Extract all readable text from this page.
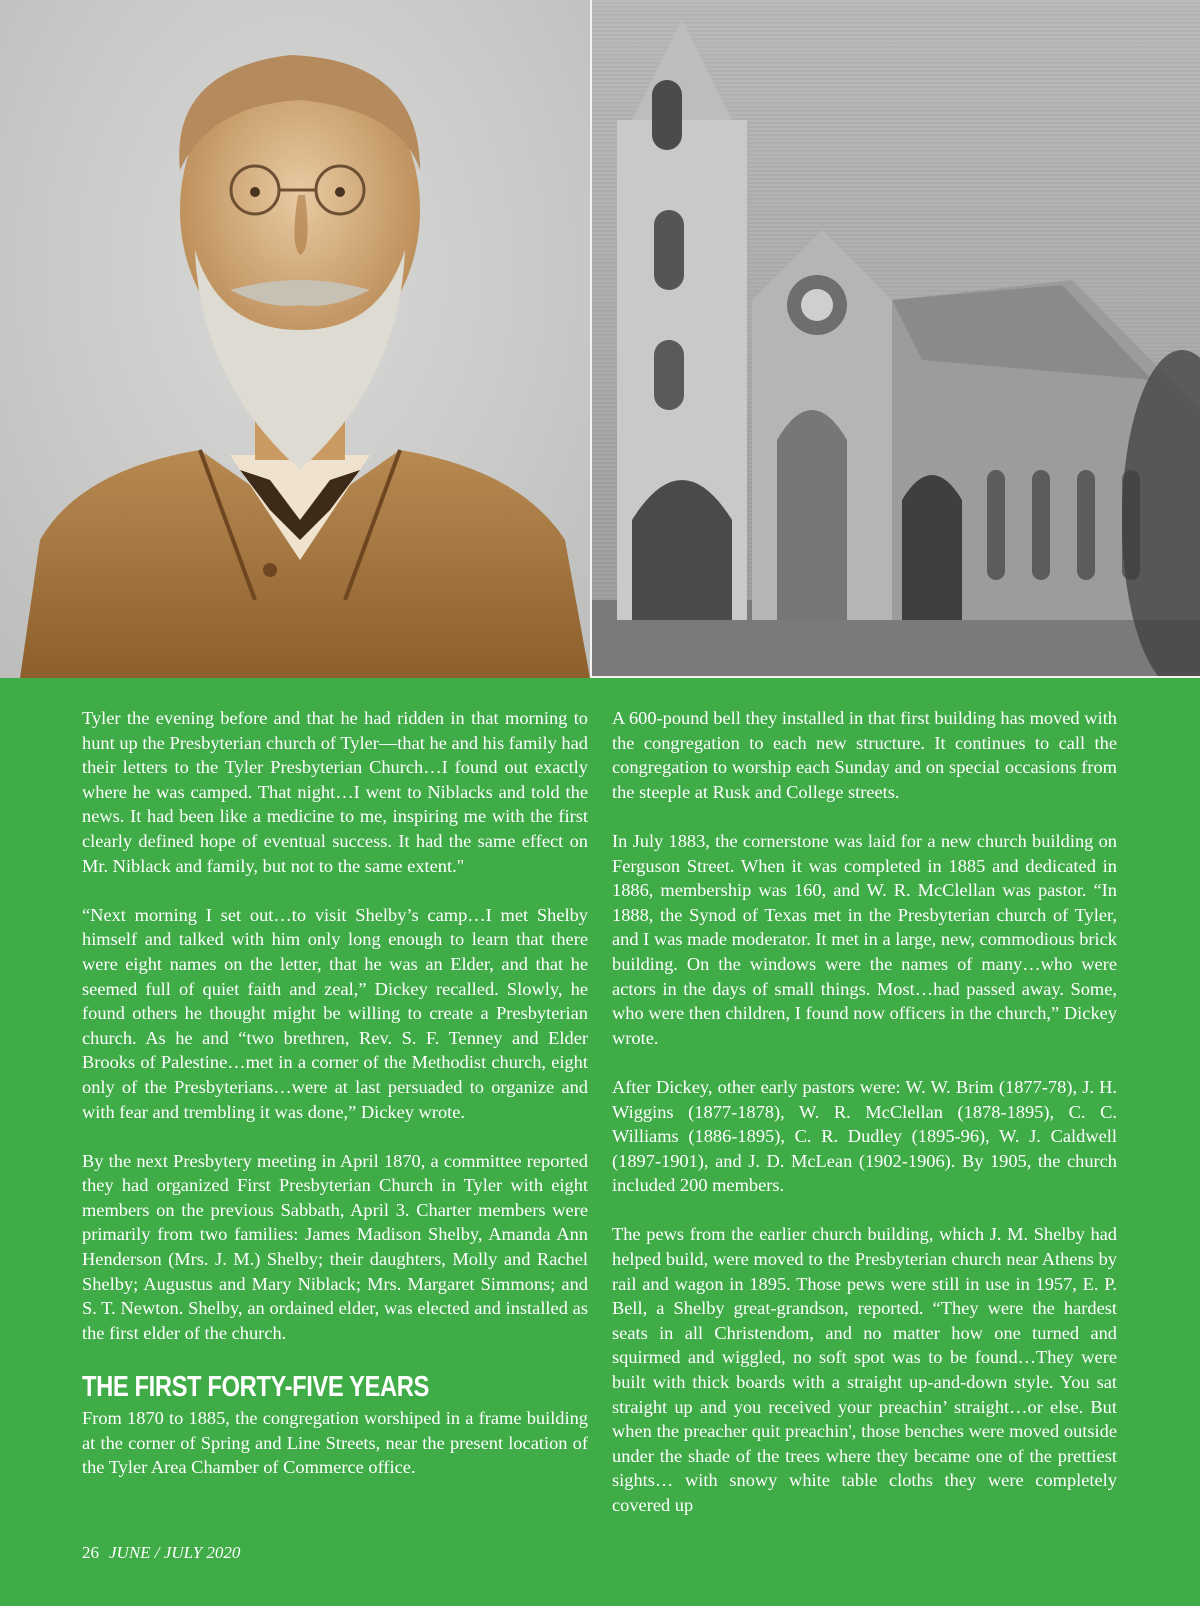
Tyler the evening before and that he had ridden in that morning to hunt up the Presbyterian church of Tyler—that he and his family had their letters to the Tyler Presbyterian Church…I found out exactly where he was camped. That night…I went to Niblacks and told the news. It had been like a medicine to me, inspiring me with the first clearly defined hope of eventual success. It had the same effect on Mr. Niblack and family, but not to the same extent."

“Next morning I set out…to visit Shelby’s camp…I met Shelby himself and talked with him only long enough to learn that there were eight names on the letter, that he was an Elder, and that he seemed full of quiet faith and zeal,” Dickey recalled. Slowly, he found others he thought might be willing to create a Presbyterian church. As he and “two brethren, Rev. S. F. Tenney and Elder Brooks of Palestine…met in a corner of the Methodist church, eight only of the Presbyterians…were at last persuaded to organize and with fear and trembling it was done,” Dickey wrote.

By the next Presbytery meeting in April 1870, a committee reported they had organized First Presbyterian Church in Tyler with eight members on the previous Sabbath, April 3. Charter members were primarily from two families: James Madison Shelby, Amanda Ann Henderson (Mrs. J. M.) Shelby; their daughters, Molly and Rachel Shelby; Augustus and Mary Niblack; Mrs. Margaret Simmons; and S. T. Newton. Shelby, an ordained elder, was elected and installed as the first elder of the church.

THE FIRST FORTY-FIVE YEARS

From 1870 to 1885, the congregation worshiped in a frame building at the corner of Spring and Line Streets, near the present location of the Tyler Area Chamber of Commerce office.

A 600-pound bell they installed in that first building has moved with the congregation to each new structure. It continues to call the congregation to worship each Sunday and on special occasions from the steeple at Rusk and College streets.

In July 1883, the cornerstone was laid for a new church building on Ferguson Street. When it was completed in 1885 and dedicated in 1886, membership was 160, and W. R. McClellan was pastor. “In 1888, the Synod of Texas met in the Presbyterian church of Tyler, and I was made moderator. It met in a large, new, commodious brick building. On the windows were the names of many…who were actors in the days of small things. Most…had passed away. Some, who were then children, I found now officers in the church,” Dickey wrote.

After Dickey, other early pastors were: W. W. Brim (1877-78), J. H. Wiggins (1877-1878), W. R. McClellan (1878-1895), C. C. Williams (1886-1895), C. R. Dudley (1895-96), W. J. Caldwell (1897-1901), and J. D. McLean (1902-1906). By 1905, the church included 200 members.

The pews from the earlier church building, which J. M. Shelby had helped build, were moved to the Presbyterian church near Athens by rail and wagon in 1895. Those pews were still in use in 1957, E. P. Bell, a Shelby great-grandson, reported. “They were the hardest seats in all Christendom, and no matter how one turned and squirmed and wiggled, no soft spot was to be found…They were built with thick boards with a straight up-and-down style. You sat straight up and you received your preachin’ straight…or else. But when the preacher quit preachin', those benches were moved outside under the shade of the trees where they became one of the prettiest sights… with snowy white table cloths they were completely covered up

26 JUNE / JULY 2020
